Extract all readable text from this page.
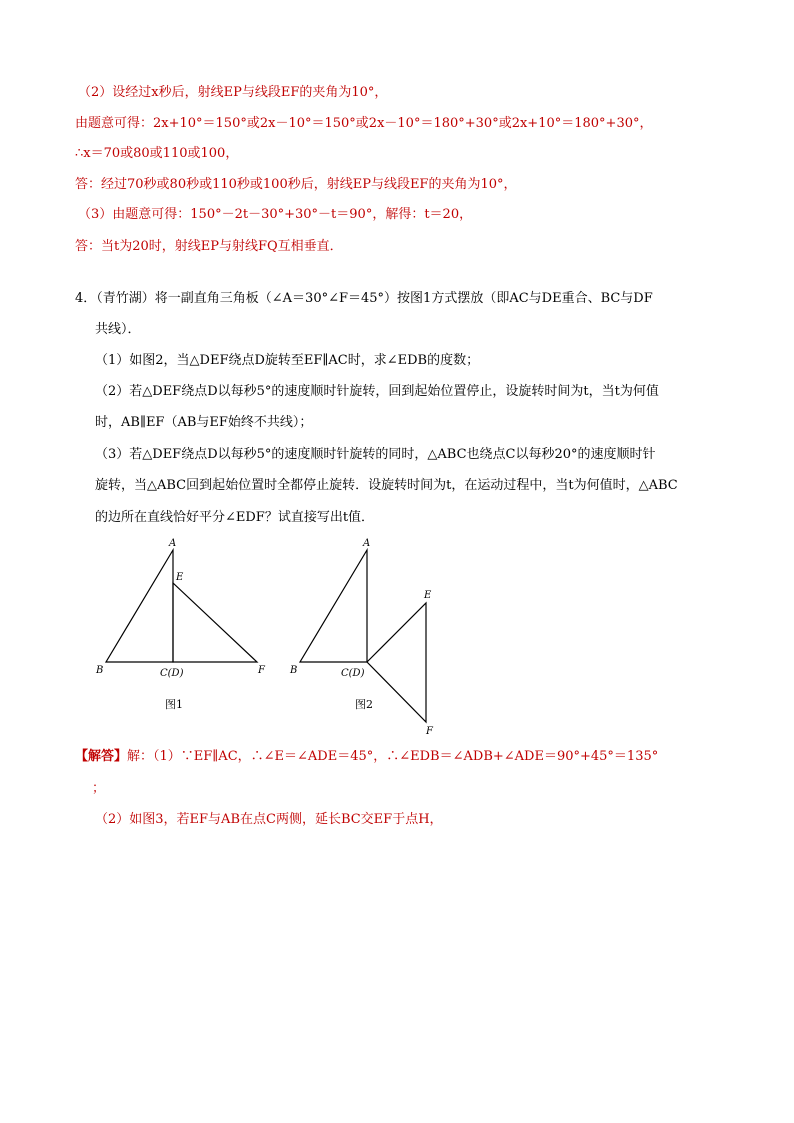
（2）设经过x秒后，射线EP与线段EF的夹角为10°，
由题意可得：2x+10°＝150°或2x－10°＝150°或2x－10°＝180°+30°或2x+10°＝180°+30°，
∴x＝70或80或110或100，
答：经过70秒或80秒或110秒或100秒后，射线EP与线段EF的夹角为10°，
（3）由题意可得：150°－2t－30°+30°－t＝90°，解得：t＝20，
答：当t为20时，射线EP与射线FQ互相垂直．
4．（青竹湖）将一副直角三角板（∠A＝30°∠F＝45°）按图1方式摆放（即AC与DE重合、BC与DF
共线）．
（1）如图2，当△DEF绕点D旋转至EF∥AC时，求∠EDB的度数；
（2）若△DEF绕点D以每秒5°的速度顺时针旋转，回到起始位置停止，设旋转时间为t，当t为何值
时，AB∥EF（AB与EF始终不共线）；
（3）若△DEF绕点D以每秒5°的速度顺时针旋转的同时，△ABC也绕点C以每秒20°的速度顺时针
旋转，当△ABC回到起始位置时全都停止旋转．设旋转时间为t，在运动过程中，当t为何值时，△ABC
的边所在直线恰好平分∠EDF？试直接写出t值．
A
B	C(D)
E
F
图1
A
B	C(D)
E
F
图2
【解答】解：（1）∵EF∥AC，∴∠E＝∠ADE＝45°，∴∠EDB＝∠ADB+∠ADE＝90°+45°＝135°
；
（2）如图3，若EF与AB在点C两侧，延长BC交EF于点H，
